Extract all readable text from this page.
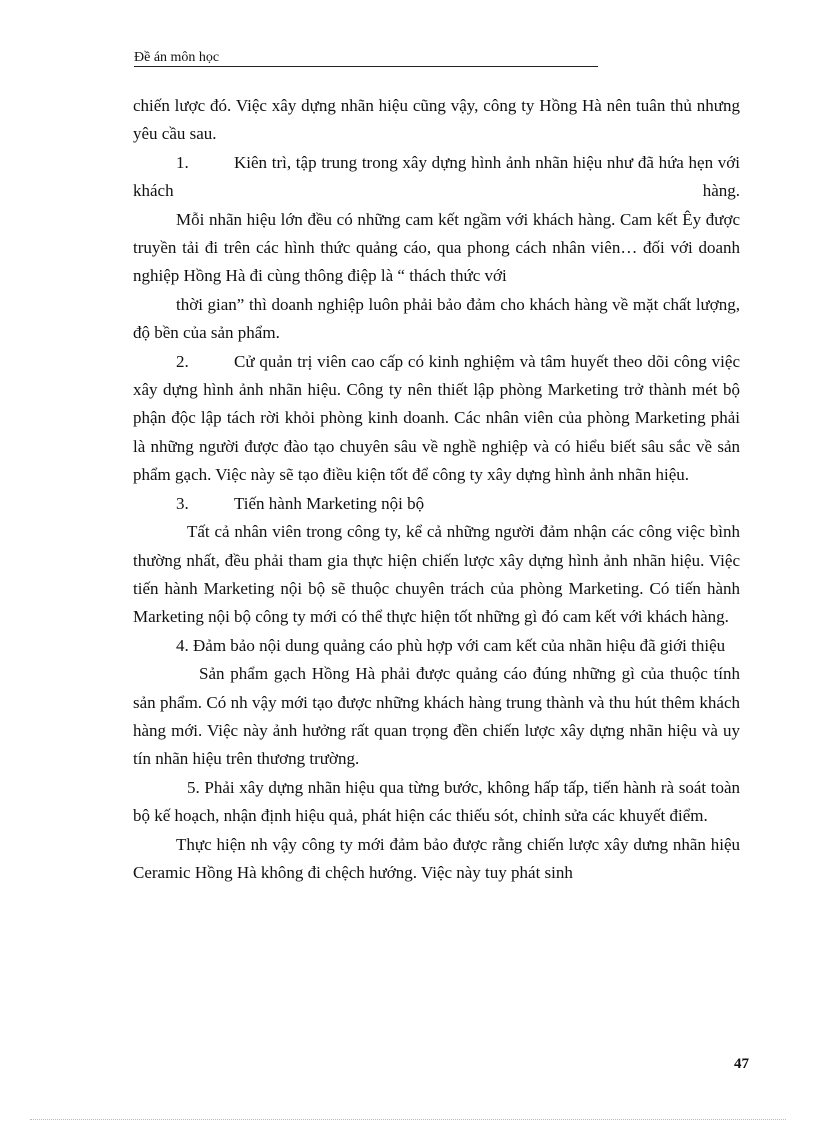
Đề án môn học

chiến lược đó. Việc xây dựng nhãn hiệu cũng vậy, công ty Hồng Hà nên tuân thủ nhưng yêu cầu sau.

1.	Kiên trì, tập trung trong xây dựng hình ảnh nhãn hiệu như đã hứa hẹn với khách hàng.

Mỗi nhãn hiệu lớn đều có những cam kết ngầm với khách hàng. Cam kết Êy được truyền tải đi trên các hình thức quảng cáo, qua phong cách nhân viên… đối với doanh nghiệp Hồng Hà đi cùng thông điệp là “ thách thức với

thời gian” thì doanh nghiệp luôn phải bảo đảm cho khách hàng về mặt chất lượng, độ bền của sản phẩm.

2.	Cử quản trị viên cao cấp có kinh nghiệm và tâm huyết theo dõi công việc xây dựng hình ảnh nhãn hiệu. Công ty nên thiết lập phòng Marketing trở thành mét bộ phận độc lập tách rời khỏi phòng kinh doanh. Các nhân viên của phòng Marketing phải là những người được đào tạo chuyên sâu về nghề nghiệp và có hiểu biết sâu sắc về sản phẩm gạch. Việc này sẽ tạo điều kiện tốt để công ty xây dựng hình ảnh nhãn hiệu.
3.	Tiến hành Marketing nội bộ

Tất cả nhân viên trong công ty, kể cả những người đảm nhận các công việc bình thường nhất, đều phải tham gia thực hiện chiến lược xây dựng hình ảnh nhãn hiệu. Việc tiến hành Marketing nội bộ sẽ thuộc chuyên trách của phòng Marketing. Có tiến hành Marketing nội bộ công ty mới có thể thực hiện tốt những gì đó cam kết với khách hàng.

4. Đảm bảo nội dung quảng cáo phù hợp với cam kết của nhãn hiệu đã giới thiệu

Sản phẩm gạch Hồng Hà phải được quảng cáo đúng những gì của thuộc tính sản phẩm. Có nh vậy mới tạo được những khách hàng trung thành và thu hút thêm khách hàng mới. Việc này ảnh hưởng rất quan trọng đền chiến lược xây dựng nhãn hiệu và uy tín nhãn hiệu trên thương trường.

5. Phải xây dựng nhãn hiệu qua từng bước, không hấp tấp, tiến hành rà soát toàn bộ kế hoạch, nhận định hiệu quả, phát hiện các thiếu sót, chỉnh sửa các khuyết điểm.

Thực hiện nh vậy công ty mới đảm bảo được rằng chiến lược xây dưng nhãn hiệu Ceramic Hồng Hà không đi chệch hướng. Việc này tuy phát sinh

47
